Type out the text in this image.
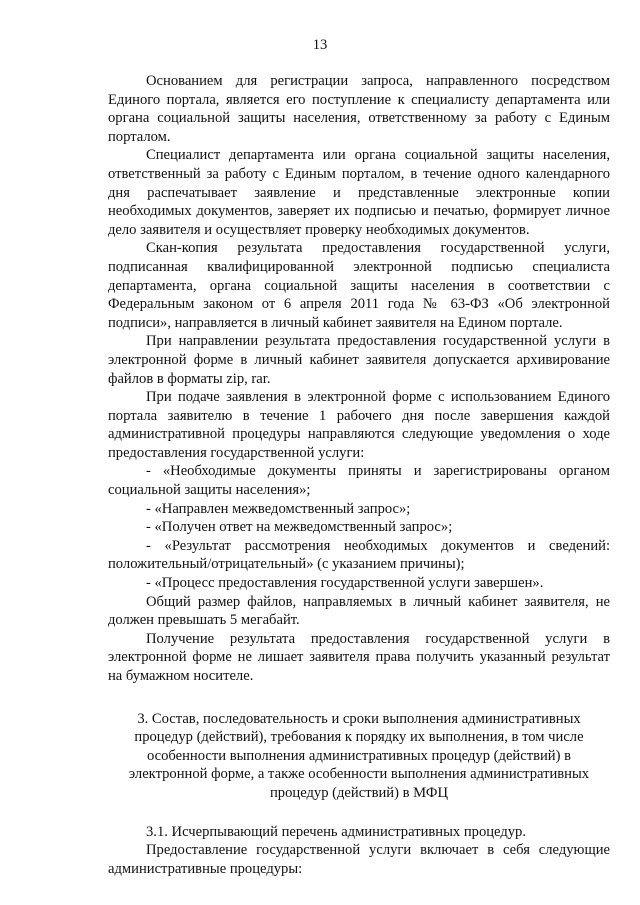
13

Основанием для регистрации запроса, направленного посредством Единого портала, является его поступление к специалисту департамента или органа социальной защиты населения, ответственному за работу с Единым порталом.

Специалист департамента или органа социальной защиты населения, ответственный за работу с Единым порталом, в течение одного календарного дня распечатывает заявление и представленные электронные копии необходимых документов, заверяет их подписью и печатью, формирует личное дело заявителя и осуществляет проверку необходимых документов.

Скан-копия результата предоставления государственной услуги, подписанная квалифицированной электронной подписью специалиста департамента, органа социальной защиты населения в соответствии с Федеральным законом от 6 апреля 2011 года № 63-ФЗ «Об электронной подписи», направляется в личный кабинет заявителя на Едином портале.

При направлении результата предоставления государственной услуги в электронной форме в личный кабинет заявителя допускается архивирование файлов в форматы zip, rar.

При подаче заявления в электронной форме с использованием Единого портала заявителю в течение 1 рабочего дня после завершения каждой административной процедуры направляются следующие уведомления о ходе предоставления государственной услуги:

- «Необходимые документы приняты и зарегистрированы органом социальной защиты населения»;

- «Направлен межведомственный запрос»;

- «Получен ответ на межведомственный запрос»;

- «Результат рассмотрения необходимых документов и сведений: положительный/отрицательный» (с указанием причины);

- «Процесс предоставления государственной услуги завершен».

Общий размер файлов, направляемых в личный кабинет заявителя, не должен превышать 5 мегабайт.

Получение результата предоставления государственной услуги в электронной форме не лишает заявителя права получить указанный результат на бумажном носителе.

3. Состав, последовательность и сроки выполнения административных процедур (действий), требования к порядку их выполнения, в том числе особенности выполнения административных процедур (действий) в электронной форме, а также особенности выполнения административных процедур (действий) в МФЦ

3.1. Исчерпывающий перечень административных процедур.

Предоставление государственной услуги включает в себя следующие административные процедуры:
